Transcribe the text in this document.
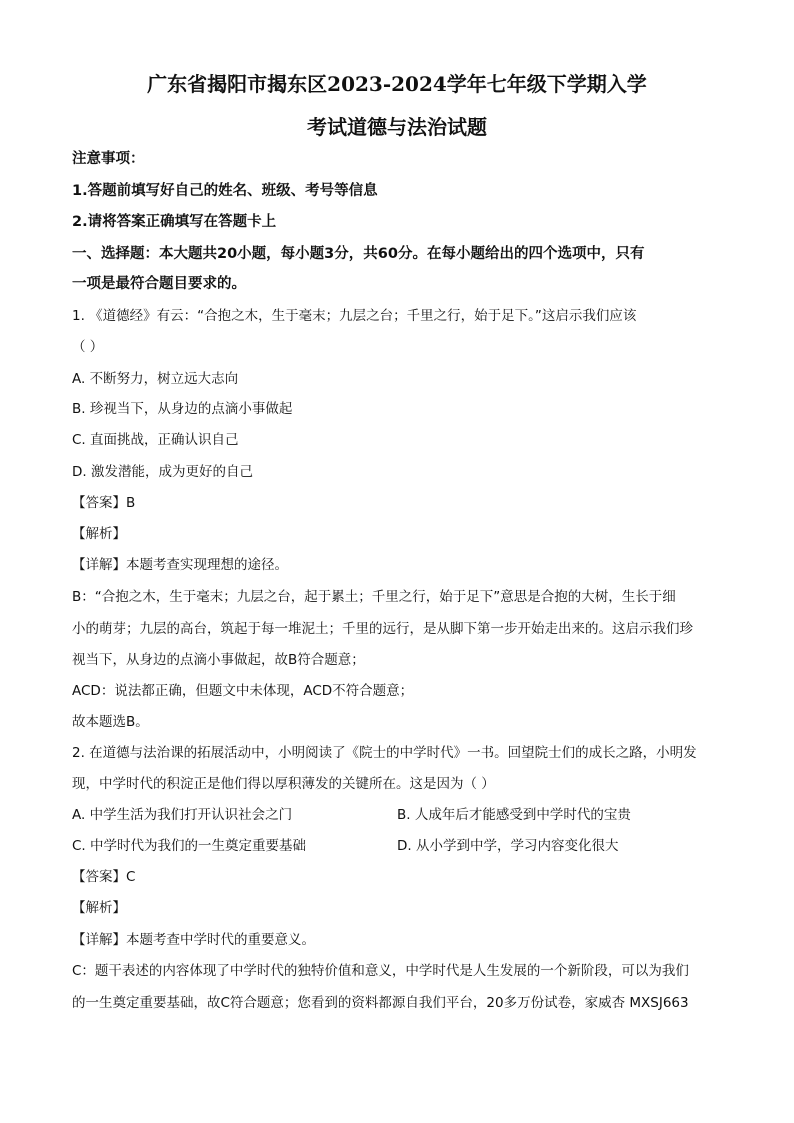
广东省揭阳市揭东区2023-2024学年七年级下学期入学
考试道德与法治试题
注意事项：
1.答题前填写好自己的姓名、班级、考号等信息
2.请将答案正确填写在答题卡上
一、选择题：本大题共20小题，每小题3分，共60分。在每小题给出的四个选项中，只有
一项是最符合题目要求的。
1. 《道德经》有云：“合抱之木，生于毫末；九层之台；千里之行，始于足下。”这启示我们应该
（ ）
A. 不断努力，树立远大志向
B. 珍视当下，从身边的点滴小事做起
C. 直面挑战，正确认识自己
D. 激发潜能，成为更好的自己
【答案】B
【解析】
【详解】本题考查实现理想的途径。
B：“合抱之木，生于毫末；九层之台，起于累土；千里之行，始于足下”意思是合抱的大树，生长于细
小的萌芽；九层的高台，筑起于每一堆泥土；千里的远行，是从脚下第一步开始走出来的。这启示我们珍
视当下，从身边的点滴小事做起，故B符合题意；
ACD：说法都正确，但题文中未体现，ACD不符合题意；
故本题选B。
2. 在道德与法治课的拓展活动中，小明阅读了《院士的中学时代》一书。回望院士们的成长之路，小明发
现，中学时代的积淀正是他们得以厚积薄发的关键所在。这是因为（ ）
A. 中学生活为我们打开认识社会之门	B. 人成年后才能感受到中学时代的宝贵
C. 中学时代为我们的一生奠定重要基础	D. 从小学到中学，学习内容变化很大
【答案】C
【解析】
【详解】本题考查中学时代的重要意义。
C：题干表述的内容体现了中学时代的独特价值和意义，中学时代是人生发展的一个新阶段，可以为我们
的一生奠定重要基础，故C符合题意；您看到的资料都源自我们平台，20多万份试卷，家威杏 MXSJ663
